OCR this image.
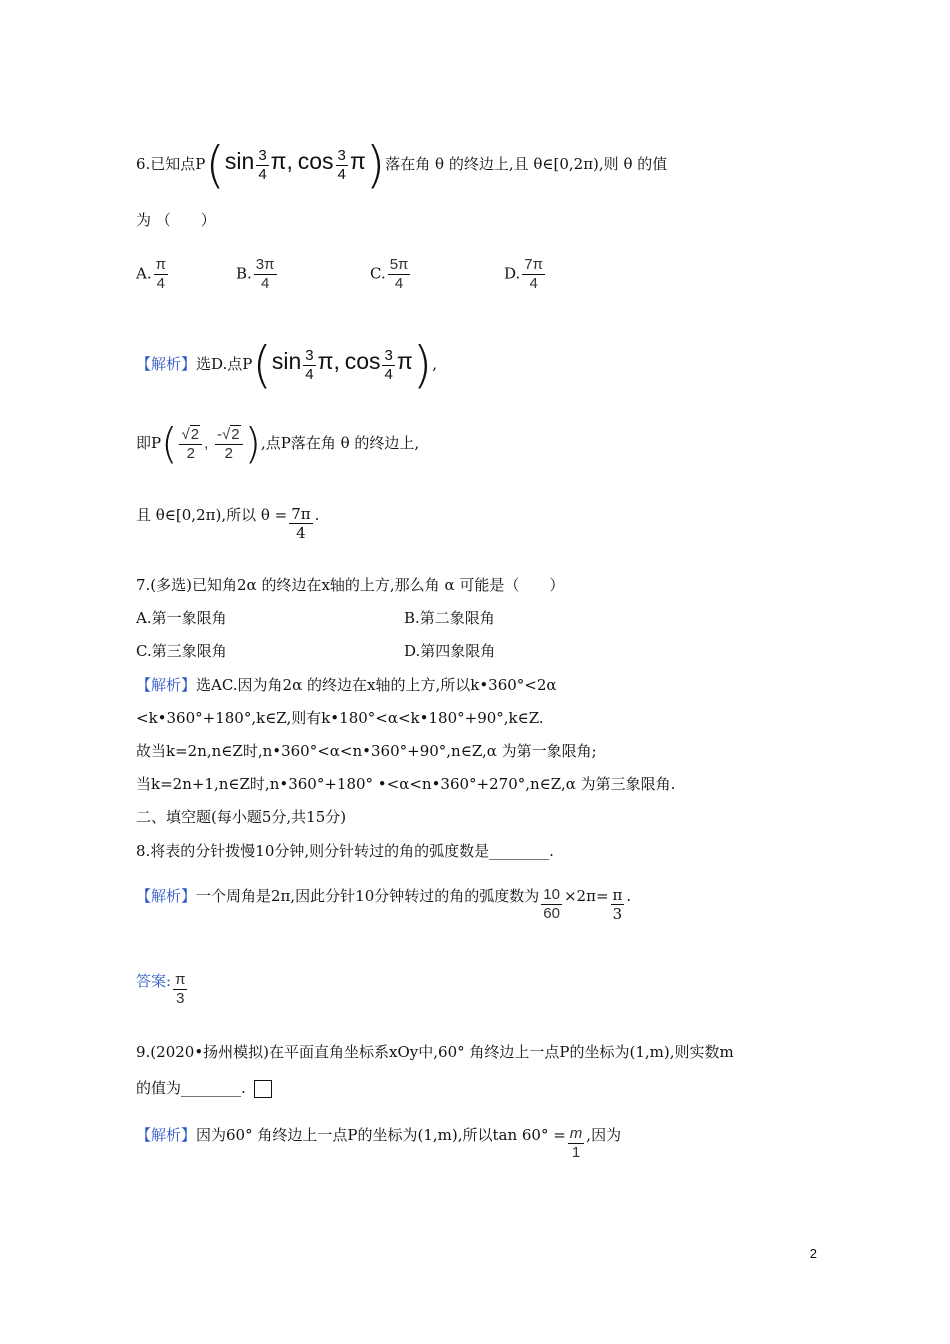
6.已知点$P(\sin \frac{3}{4} \pi$, $\cos \frac{3}{4} \pi$)落在角 θ 的终边上,且 θ∈[0,2π),则 θ 的值
为 （　　）
A. $\frac{\pi}{4}$	B. $\frac{3\pi}{4}$	C. $\frac{5\pi}{4}$	D. $\frac{7\pi}{4}$
【解析】选D.点$P(\sin \frac{3}{4} \pi$, $\cos \frac{3}{4} \pi$),
即$P( \frac{√2}{2}$ , $\frac{-√2}{2}$ ),点P落在角 θ 的终边上,
且 θ∈[0,2π),所以 $\theta = \frac{7\pi}{4}$ .
7.(多选)已知角2α 的终边在x轴的上方,那么角 α 可能是（　　）
A.第一象限角	B.第二象限角
C.第三象限角	D.第四象限角
【解析】选AC.因为角2α 的终边在x轴的上方,所以k•360°<2α
<k•360°+180°,k∈Z,则有k•180°<α<k•180°+90°,k∈Z.
故当k=2n,n∈Z时,n•360°<α<n•360°+90°,n∈Z,α 为第一象限角;
当k=2n+1,n∈Z时,n•360°+180° •<α<n•360°+270°,n∈Z,α 为第三象限角.
二、填空题(每小题5分,共15分)
8.将表的分针拨慢10分钟,则分针转过的角的弧度数是________.
【解析】一个周角是2π,因此分针10分钟转过的角的弧度数为 $\frac{10}{60} \times 2\pi= \frac{\pi}{3}$ .
答案: $\frac{\pi}{3}$
9.(2020•扬州模拟)在平面直角坐标系xOy中,60° 角终边上一点P的坐标为(1,m),则实数m
的值为________.
【解析】因为60° 角终边上一点P的坐标为(1,m),所以$\tan 60^\circ = \frac{m}{1}$ ,因为
2
